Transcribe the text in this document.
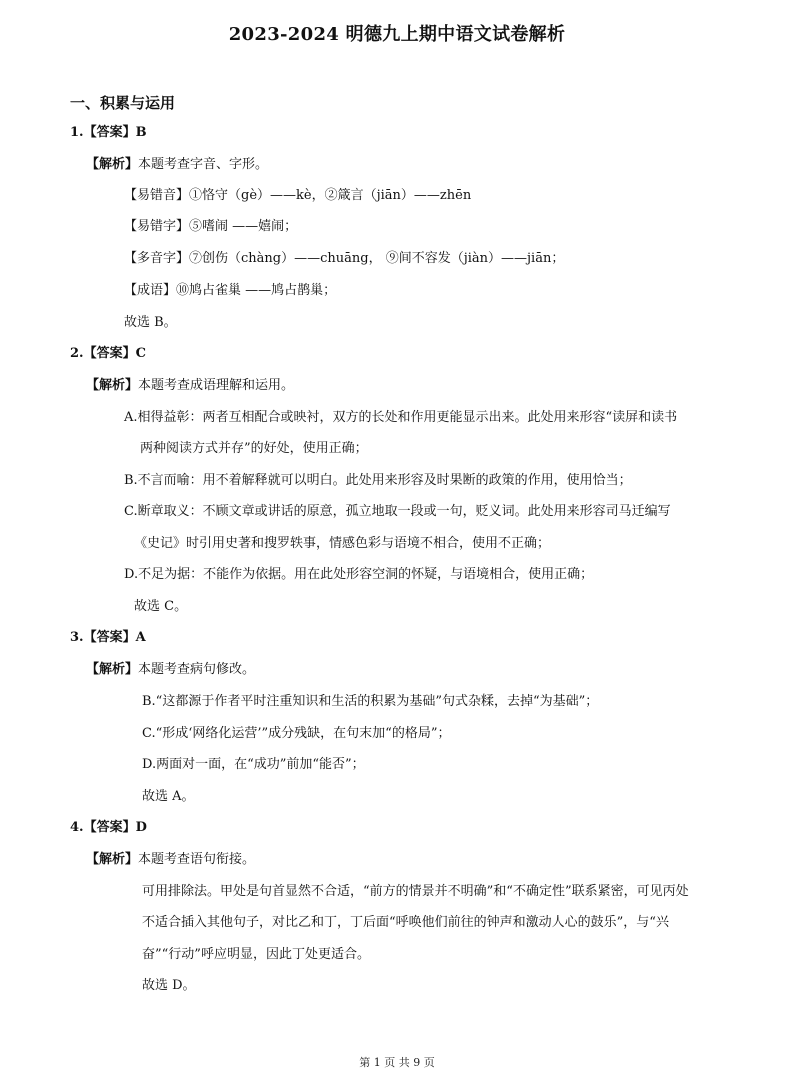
2023-2024 明德九上期中语文试卷解析
一、积累与运用
1.【答案】B
【解析】本题考查字音、字形。
【易错音】①恪守（gè）——kè，②箴言（jiān）——zhēn
【易错字】⑤嗜闹 ——嬉闹；
【多音字】⑦创伤（chàng）——chuāng， ⑨间不容发（jiàn）——jiān；
【成语】⑩鸠占雀巢 ——鸠占鹊巢；
故选 B。
2.【答案】C
【解析】本题考查成语理解和运用。
A.相得益彰：两者互相配合或映衬，双方的长处和作用更能显示出来。此处用来形容“读屏和读书
两种阅读方式并存”的好处，使用正确；
B.不言而喻：用不着解释就可以明白。此处用来形容及时果断的政策的作用，使用恰当；
C.断章取义：不顾文章或讲话的原意，孤立地取一段或一句，贬义词。此处用来形容司马迁编写
《史记》时引用史著和搜罗轶事，情感色彩与语境不相合，使用不正确；
D.不足为据：不能作为依据。用在此处形容空洞的怀疑，与语境相合，使用正确；
故选 C。
3.【答案】A
【解析】本题考查病句修改。
B.“这都源于作者平时注重知识和生活的积累为基础”句式杂糅，去掉“为基础”；
C.“形成‘网络化运营’”成分残缺，在句末加“的格局”；
D.两面对一面，在“成功”前加“能否”；
故选 A。
4.【答案】D
【解析】本题考查语句衔接。
可用排除法。甲处是句首显然不合适，“前方的情景并不明确”和“不确定性”联系紧密，可见丙处
不适合插入其他句子，对比乙和丁，丁后面“呼唤他们前往的钟声和激动人心的鼓乐”，与“兴
奋”“行动”呼应明显，因此丁处更适合。
故选 D。
第 1 页 共 9 页
